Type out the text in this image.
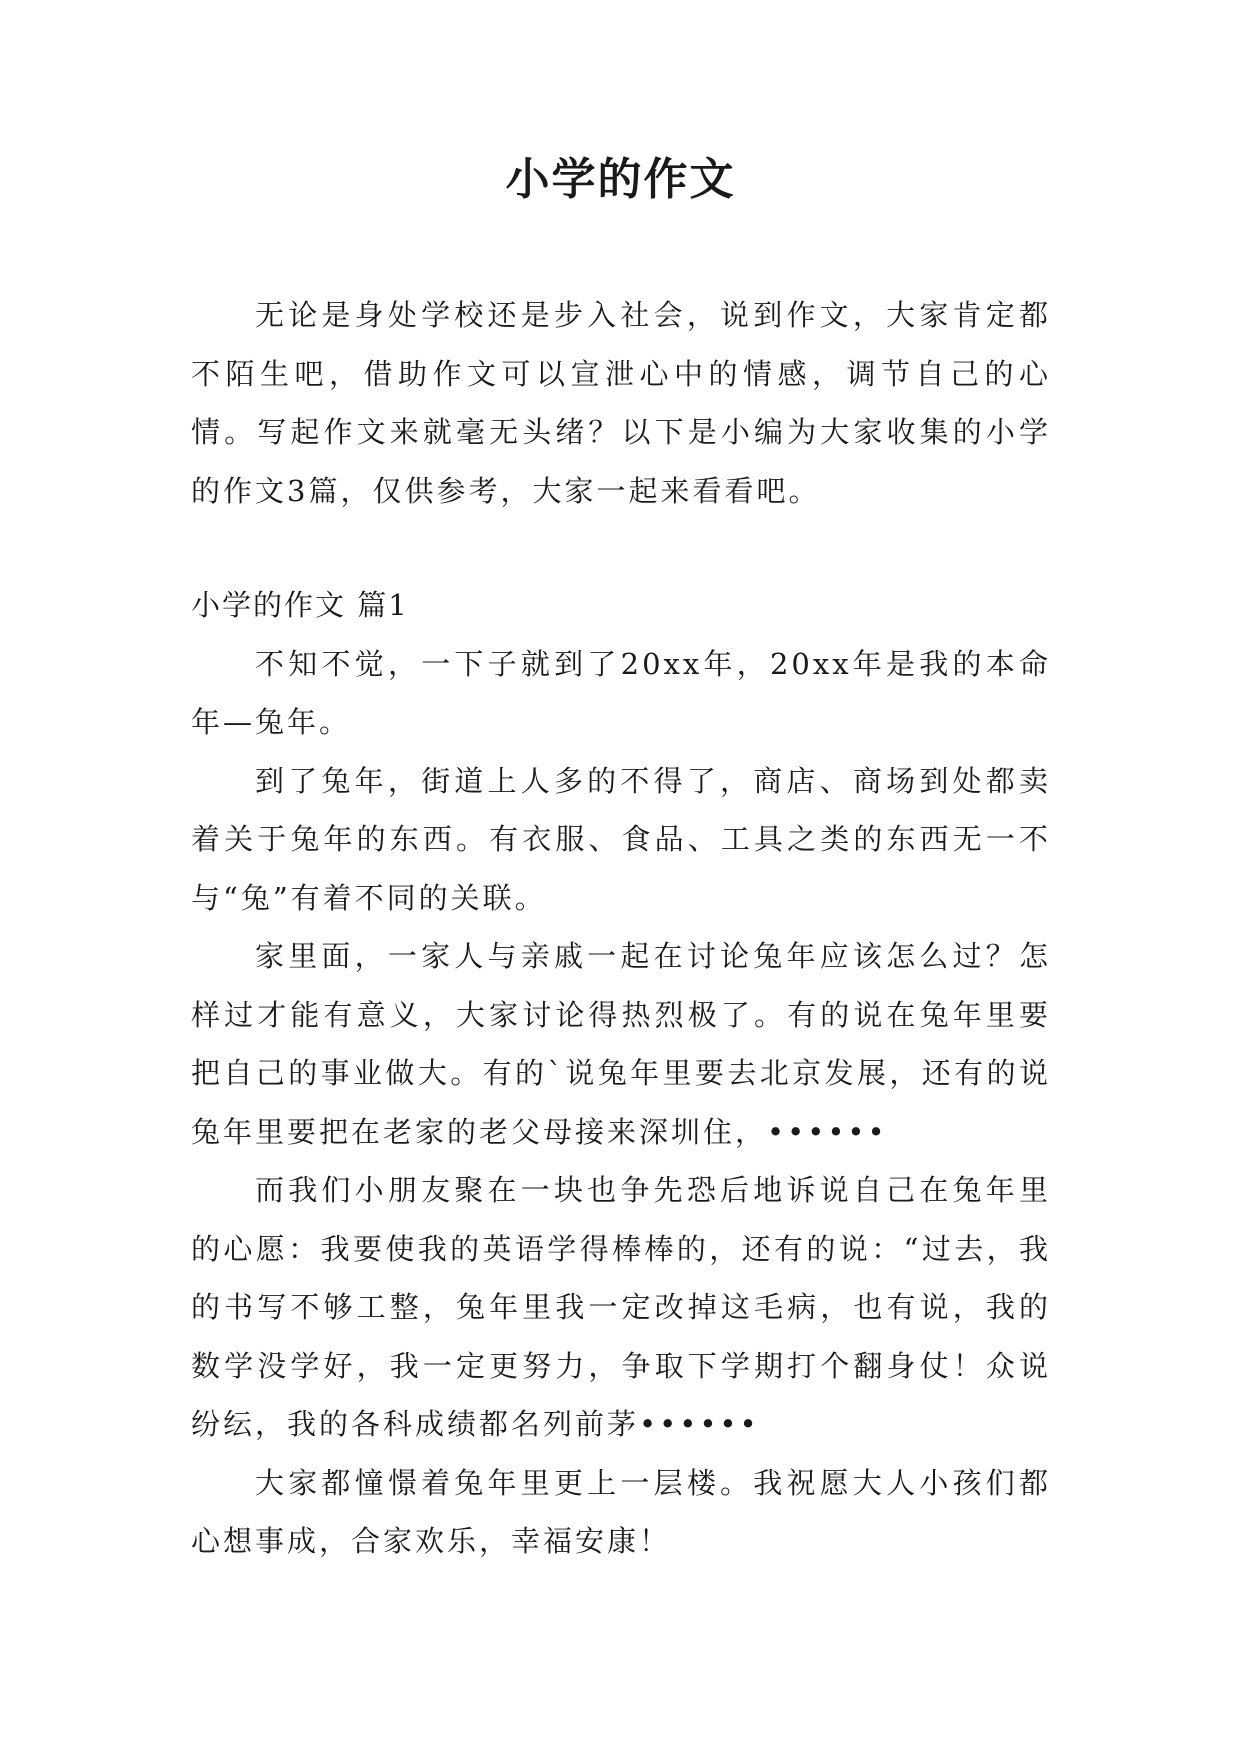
小学的作文

无论是身处学校还是步入社会，说到作文，大家肯定都不陌生吧，借助作文可以宣泄心中的情感，调节自己的心情。写起作文来就毫无头绪？以下是小编为大家收集的小学的作文3篇，仅供参考，大家一起来看看吧。

小学的作文 篇1

不知不觉，一下子就到了20xx年，20xx年是我的本命年—兔年。

到了兔年，街道上人多的不得了，商店、商场到处都卖着关于兔年的东西。有衣服、食品、工具之类的东西无一不与“兔”有着不同的关联。

家里面，一家人与亲戚一起在讨论兔年应该怎么过？怎样过才能有意义，大家讨论得热烈极了。有的说在兔年里要把自己的事业做大。有的`说兔年里要去北京发展，还有的说兔年里要把在老家的老父母接来深圳住，••••••

而我们小朋友聚在一块也争先恐后地诉说自己在兔年里的心愿：我要使我的英语学得棒棒的，还有的说：“过去，我的书写不够工整，兔年里我一定改掉这毛病，也有说，我的数学没学好，我一定更努力，争取下学期打个翻身仗！众说纷纭，我的各科成绩都名列前茅••••••

大家都憧憬着兔年里更上一层楼。我祝愿大人小孩们都心想事成，合家欢乐，幸福安康！
